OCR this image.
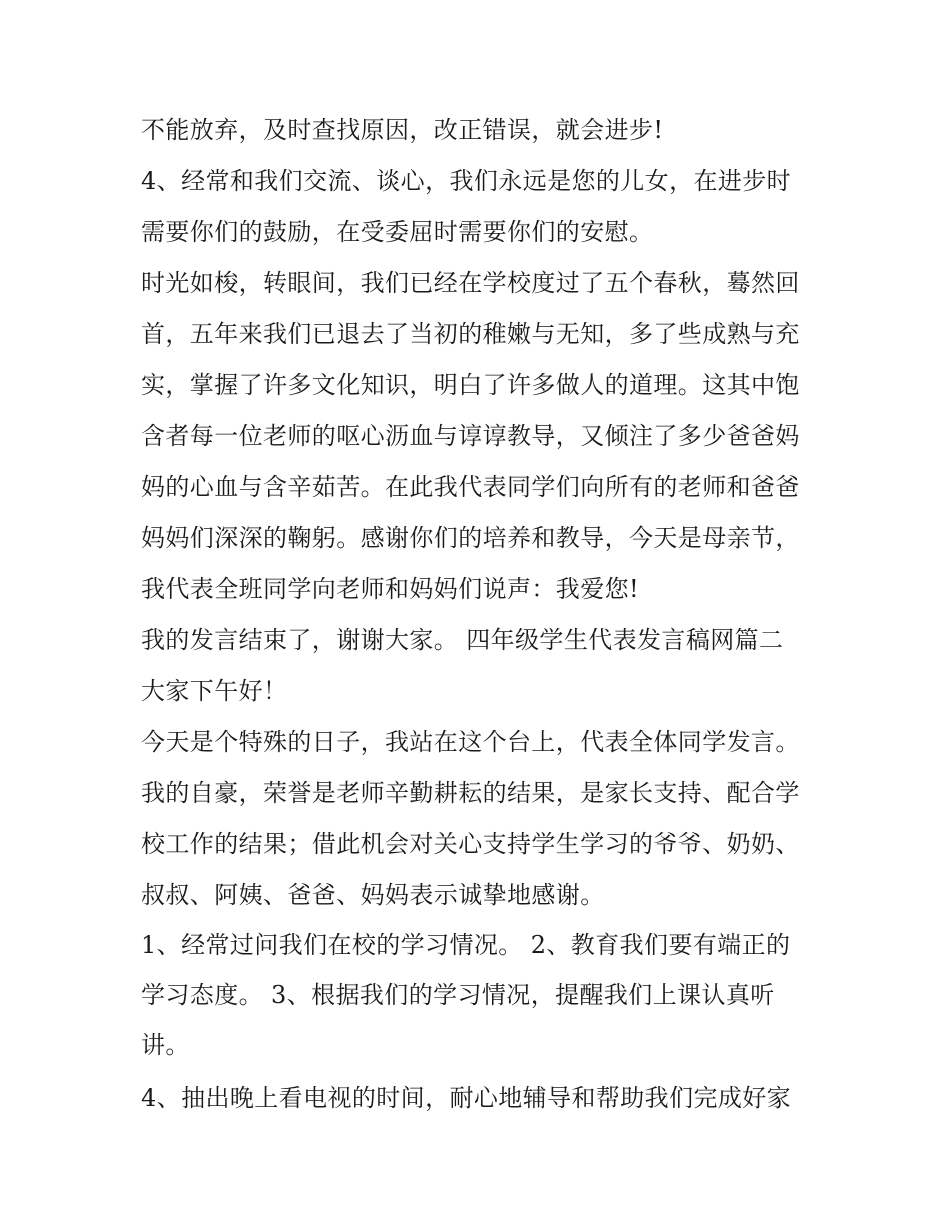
不能放弃，及时查找原因，改正错误，就会进步!
4、经常和我们交流、谈心，我们永远是您的儿女，在进步时
需要你们的鼓励，在受委屈时需要你们的安慰。
时光如梭，转眼间，我们已经在学校度过了五个春秋，蓦然回
首，五年来我们已退去了当初的稚嫩与无知，多了些成熟与充
实，掌握了许多文化知识，明白了许多做人的道理。这其中饱
含者每一位老师的呕心沥血与谆谆教导，又倾注了多少爸爸妈
妈的心血与含辛茹苦。在此我代表同学们向所有的老师和爸爸
妈妈们深深的鞠躬。感谢你们的培养和教导，今天是母亲节，
我代表全班同学向老师和妈妈们说声：我爱您!
我的发言结束了，谢谢大家。 四年级学生代表发言稿网篇二
大家下午好！
今天是个特殊的日子，我站在这个台上，代表全体同学发言。
我的自豪，荣誉是老师辛勤耕耘的结果，是家长支持、配合学
校工作的结果；借此机会对关心支持学生学习的爷爷、奶奶、
叔叔、阿姨、爸爸、妈妈表示诚挚地感谢。
1、经常过问我们在校的学习情况。 2、教育我们要有端正的
学习态度。 3、根据我们的学习情况，提醒我们上课认真听
讲。
4、抽出晚上看电视的时间，耐心地辅导和帮助我们完成好家
